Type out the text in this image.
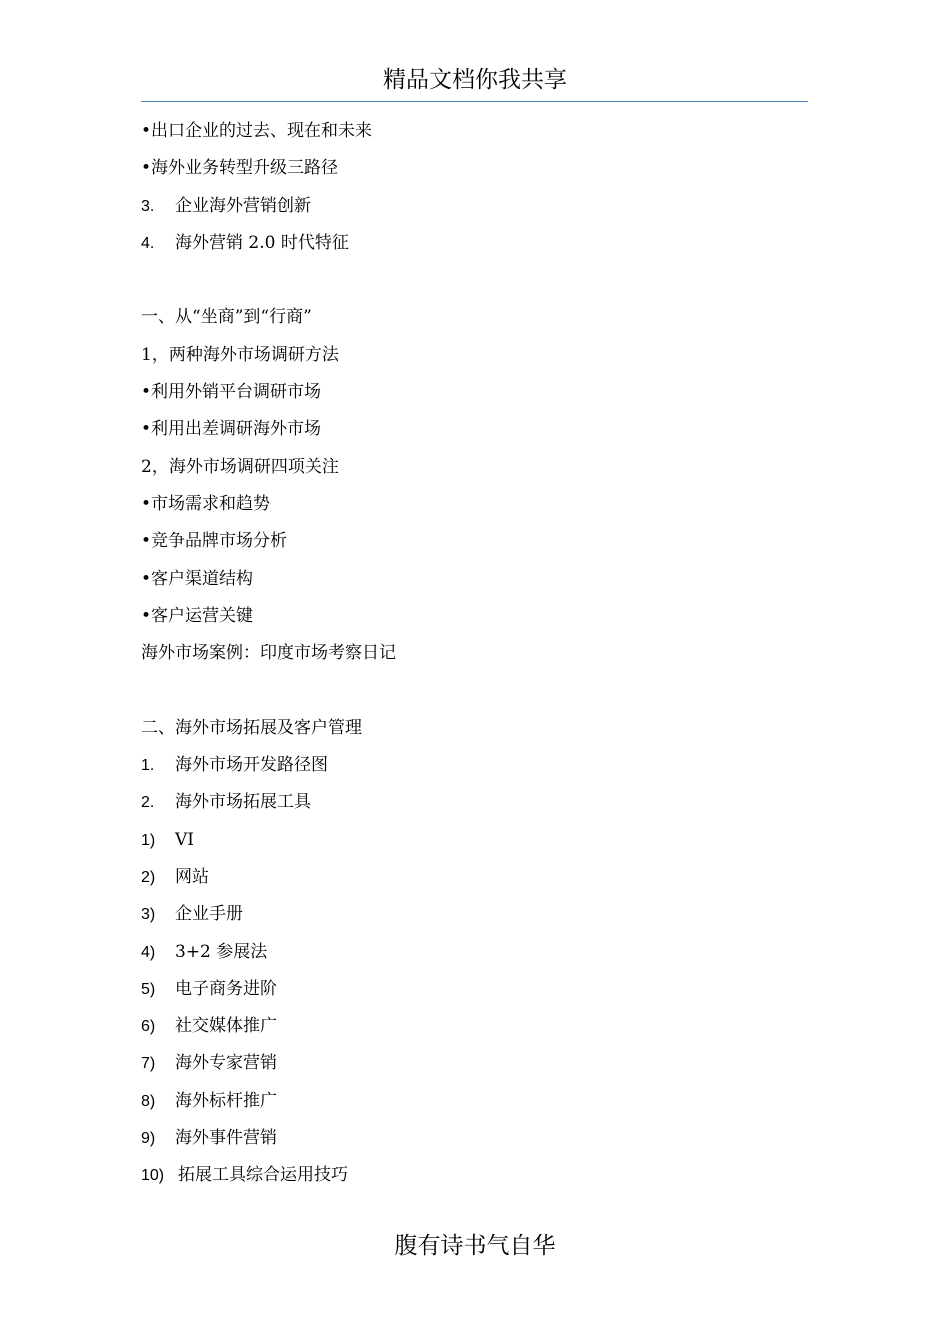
精品文档你我共享
•出口企业的过去、现在和未来
•海外业务转型升级三路径
3. 企业海外营销创新
4. 海外营销 2.0 时代特征
一、从“坐商”到“行商”
1，两种海外市场调研方法
•利用外销平台调研市场
•利用出差调研海外市场
2，海外市场调研四项关注
•市场需求和趋势
•竞争品牌市场分析
•客户渠道结构
•客户运营关键
海外市场案例：印度市场考察日记
二、海外市场拓展及客户管理
1. 海外市场开发路径图
2. 海外市场拓展工具
1) VI
2) 网站
3) 企业手册
4) 3+2 参展法
5) 电子商务进阶
6) 社交媒体推广
7) 海外专家营销
8) 海外标杆推广
9) 海外事件营销
10) 拓展工具综合运用技巧
腹有诗书气自华
